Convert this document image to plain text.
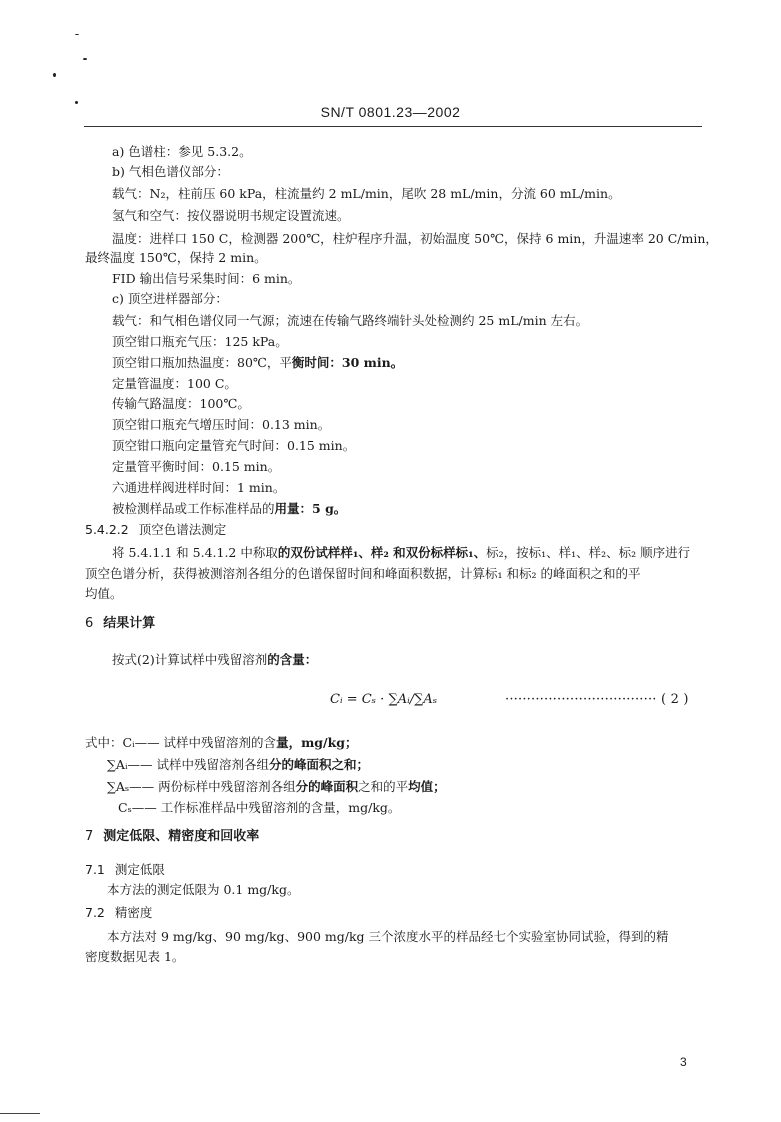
SN/T 0801.23—2002
a) 色谱柱：参见 5.3.2。
b) 气相色谱仪部分：
载气：N₂，柱前压 60 kPa，柱流量约 2 mL/min，尾吹 28 mL/min，分流 60 mL/min。
氢气和空气：按仪器说明书规定设置流速。
温度：进样口 150 C，检测器 200℃，柱炉程序升温，初始温度 50℃，保持 6 min，升温速率 20 C/min，
最终温度 150℃，保持 2 min。
FID 输出信号采集时间：6 min。
c) 顶空进样器部分：
载气：和气相色谱仪同一气源；流速在传输气路终端针头处检测约 25 mL/min 左右。
顶空钳口瓶充气压：125 kPa。
顶空钳口瓶加热温度：80℃，平衡时间：30 min。
定量管温度：100 C。
传输气路温度：100℃。
顶空钳口瓶充气增压时间：0.13 min。
顶空钳口瓶向定量管充气时间：0.15 min。
定量管平衡时间：0.15 min。
六通进样阀进样时间：1 min。
被检测样品或工作标准样品的用量：5 g。
5.4.2.2 顶空色谱法测定
将 5.4.1.1 和 5.4.1.2 中称取的双份试样样₁、样₂ 和双份标样标₁、标₂，按标₁、样₁、样₂、标₂ 顺序进行
顶空色谱分析，获得被测溶剂各组分的色谱保留时间和峰面积数据，计算标₁ 和标₂ 的峰面积之和的平
均值。
6 结果计算
按式(2)计算试样中残留溶剂的含量：
Cᵢ = Cₛ · ∑Aᵢ/∑Aₛ	··································· ( 2 )
式中：Cᵢ—— 试样中残留溶剂的含量，mg/kg；
∑Aᵢ—— 试样中残留溶剂各组分的峰面积之和；
∑Aₛ—— 两份标样中残留溶剂各组分的峰面积之和的平均值；
Cₛ—— 工作标准样品中残留溶剂的含量，mg/kg。
7 测定低限、精密度和回收率
7.1 测定低限
本方法的测定低限为 0.1 mg/kg。
7.2 精密度
本方法对 9 mg/kg、90 mg/kg、900 mg/kg 三个浓度水平的样品经七个实验室协同试验，得到的精
密度数据见表 1。
3
